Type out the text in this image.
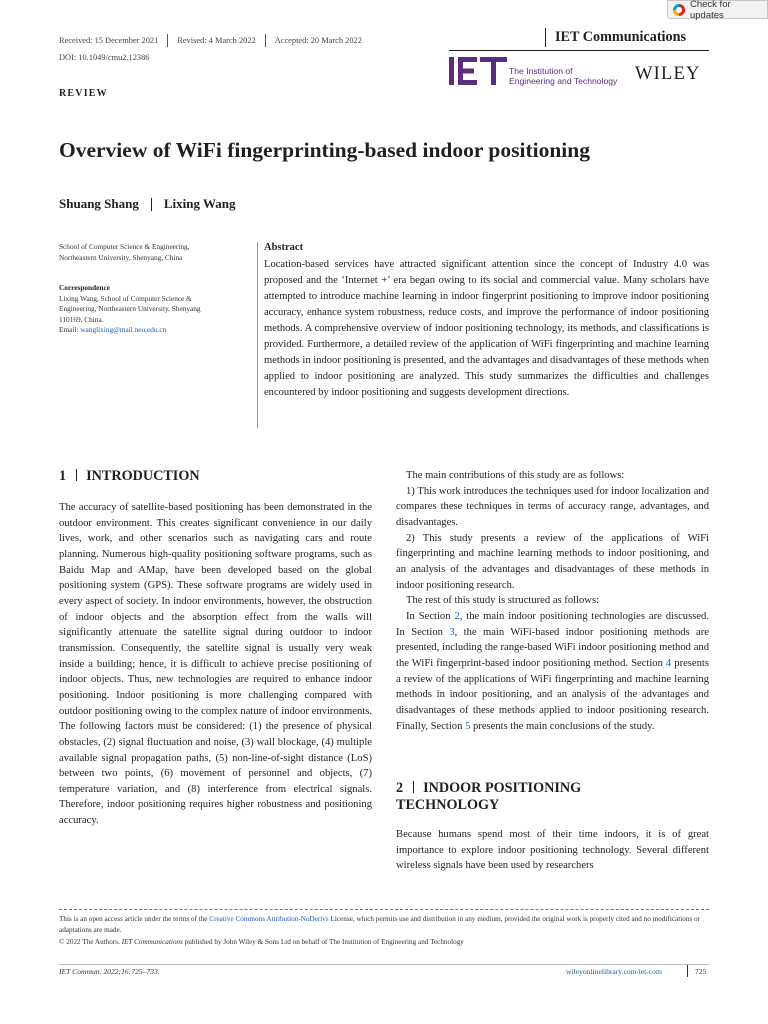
Check for updates
Received: 15 December 2021 Revised: 4 March 2022 Accepted: 20 March 2022
DOI: 10.1049/cmu2.12386
IET Communications
The Institution of
Engineering and Technology WILEY
REVIEW
Overview of WiFi fingerprinting-based indoor positioning
Shuang Shang Lixing Wang
School of Computer Science & Engineering,
Northeastern University, Shenyang, China
Correspondence
Lixing Wang, School of Computer Science &
Engineering, Northeastern University, Shenyang
110169, China.
Email: wanglixing@mail.neu.edu.cn
Abstract
Location-based services have attracted significant attention since the concept of Industry 4.0 was proposed and the ‘Internet +’ era began owing to its social and commercial value. Many scholars have attempted to introduce machine learning in indoor fingerprint positioning to improve indoor positioning accuracy, enhance system robustness, reduce costs, and improve the performance of indoor positioning methods. A comprehensive overview of indoor positioning technology, its methods, and classifications is provided. Furthermore, a detailed review of the application of WiFi fingerprinting and machine learning methods in indoor positioning is presented, and the advantages and disadvantages of these methods when applied to indoor positioning are analyzed. This study summarizes the difficulties and challenges encountered by indoor positioning and suggests development directions.
1 INTRODUCTION

The accuracy of satellite-based positioning has been demonstrated in the outdoor environment. This creates significant convenience in our daily lives, work, and other scenarios such as navigating cars and route planning. Numerous high-quality positioning software programs, such as Baidu Map and AMap, have been developed based on the global positioning system (GPS). These software programs are widely used in every aspect of society. In indoor environments, however, the obstruction of indoor objects and the absorption effect from the walls will significantly attenuate the satellite signal during outdoor to indoor transmission. Consequently, the satellite signal is usually very weak inside a building; hence, it is difficult to achieve precise positioning of indoor objects. Thus, new technologies are required to enhance indoor positioning. Indoor positioning is more challenging compared with outdoor positioning owing to the complex nature of indoor environments. The following factors must be considered: (1) the presence of physical obstacles, (2) signal fluctuation and noise, (3) wall blockage, (4) multiple available signal propagation paths, (5) non-line-of-sight distance (LoS) between two points, (6) movement of personnel and objects, (7) temperature variation, and (8) interference from electrical signals. Therefore, indoor positioning requires higher robustness and positioning accuracy.

The main contributions of this study are as follows:

1) This work introduces the techniques used for indoor localization and compares these techniques in terms of accuracy range, advantages, and disadvantages.

2) This study presents a review of the applications of WiFi fingerprinting and machine learning methods to indoor positioning, and an analysis of the advantages and disadvantages of these methods in indoor positioning research.

The rest of this study is structured as follows:

In Section 2, the main indoor positioning technologies are discussed. In Section 3, the main WiFi-based indoor positioning methods are presented, including the range-based WiFi indoor positioning method and the WiFi fingerprint-based indoor positioning method. Section 4 presents a review of the applications of WiFi fingerprinting and machine learning methods in indoor positioning, and an analysis of the advantages and disadvantages of these methods applied to indoor positioning research. Finally, Section 5 presents the main conclusions of the study.

2 INDOOR POSITIONING
TECHNOLOGY

Because humans spend most of their time indoors, it is of great importance to explore indoor positioning technology. Several different wireless signals have been used by researchers

This is an open access article under the terms of the Creative Commons Attribution-NoDerivs License, which permits use and distribution in any medium, provided the original work is properly cited and no modifications or adaptations are made.
© 2022 The Authors. IET Communications published by John Wiley & Sons Ltd on behalf of The Institution of Engineering and Technology
IET Commun. 2022;16:725–733.	wileyonlinelibrary.com/iet-com	725
